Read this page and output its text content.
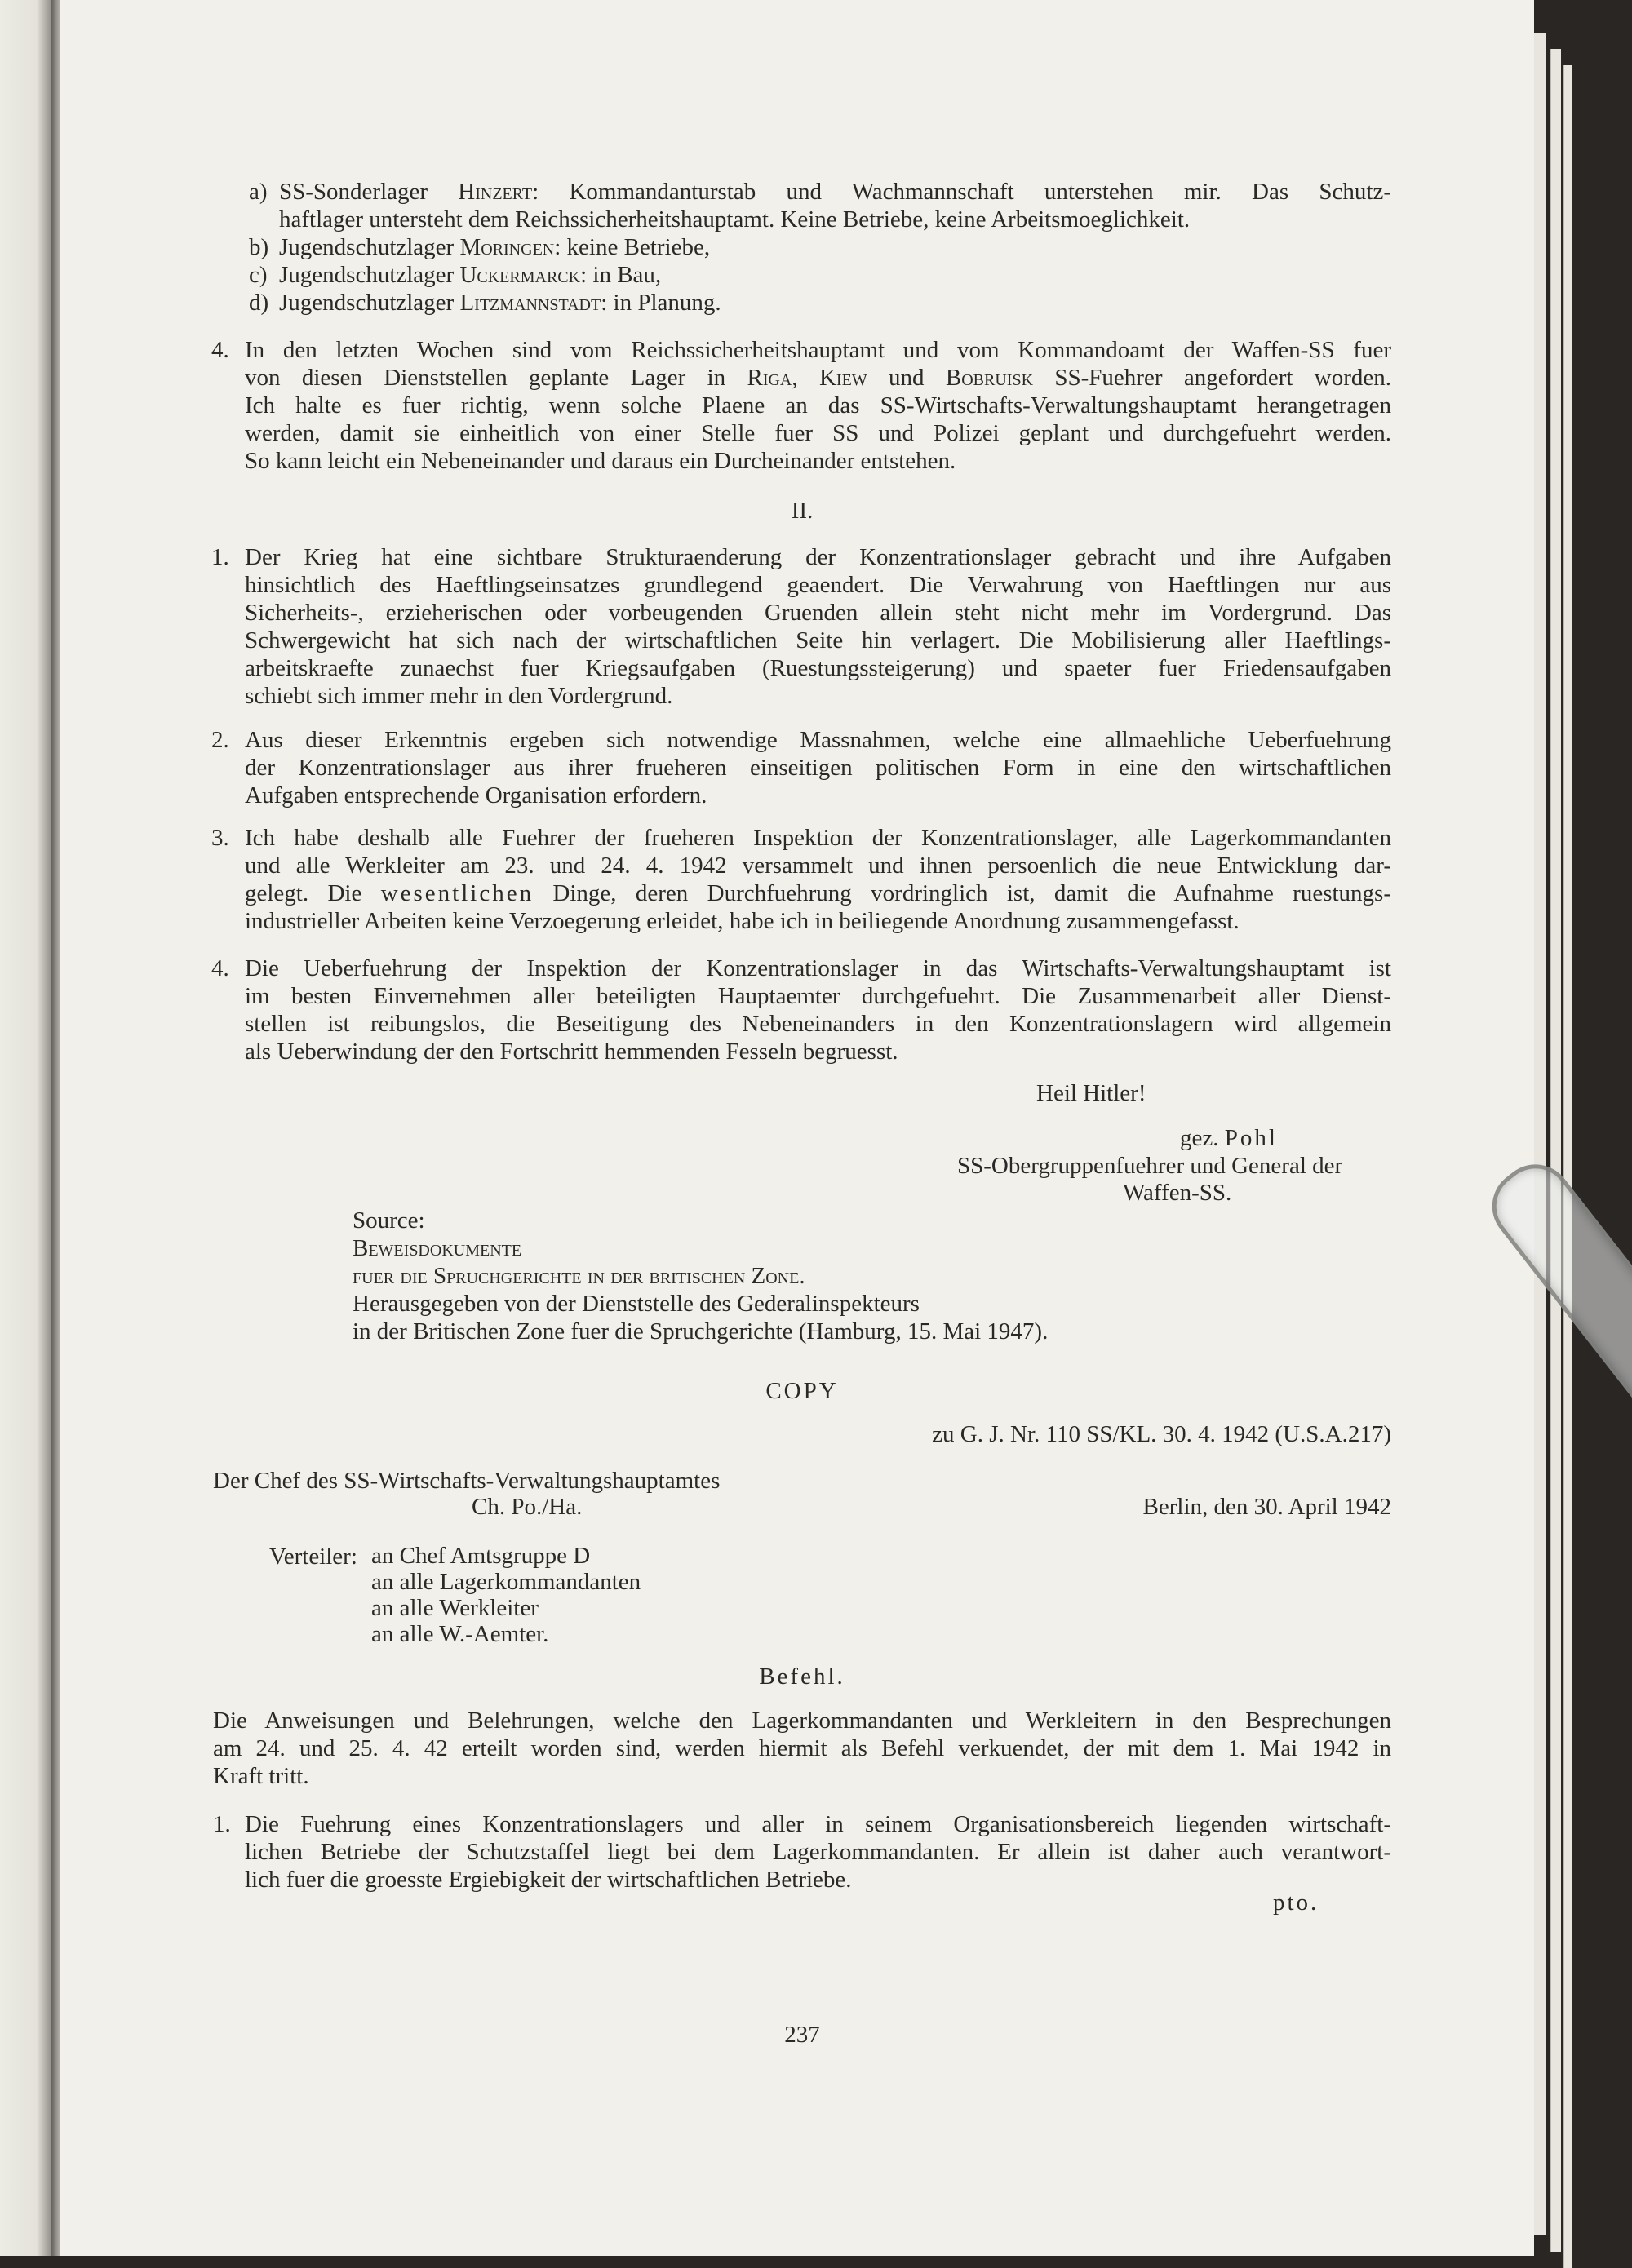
a) SS-Sonderlager Hinzert: Kommandanturstab und Wachmannschaft unterstehen mir. Das Schutz-
haftlager untersteht dem Reichssicherheitshauptamt. Keine Betriebe, keine Arbeitsmoeglichkeit.
b) Jugendschutzlager Moringen: keine Betriebe,
c) Jugendschutzlager Uckermarck: in Bau,
d) Jugendschutzlager Litzmannstadt: in Planung.
4. In den letzten Wochen sind vom Reichssicherheitshauptamt und vom Kommandoamt der Waffen-SS fuer
von diesen Dienststellen geplante Lager in Riga, Kiew und Bobruisk SS-Fuehrer angefordert worden.
Ich halte es fuer richtig, wenn solche Plaene an das SS-Wirtschafts-Verwaltungshauptamt herangetragen
werden, damit sie einheitlich von einer Stelle fuer SS und Polizei geplant und durchgefuehrt werden.
So kann leicht ein Nebeneinander und daraus ein Durcheinander entstehen.
II.
1. Der Krieg hat eine sichtbare Strukturaenderung der Konzentrationslager gebracht und ihre Aufgaben
hinsichtlich des Haeftlingseinsatzes grundlegend geaendert. Die Verwahrung von Haeftlingen nur aus
Sicherheits-, erzieherischen oder vorbeugenden Gruenden allein steht nicht mehr im Vordergrund. Das
Schwergewicht hat sich nach der wirtschaftlichen Seite hin verlagert. Die Mobilisierung aller Haeftlings-
arbeitskraefte zunaechst fuer Kriegsaufgaben (Ruestungssteigerung) und spaeter fuer Friedensaufgaben
schiebt sich immer mehr in den Vordergrund.
2. Aus dieser Erkenntnis ergeben sich notwendige Massnahmen, welche eine allmaehliche Ueberfuehrung
der Konzentrationslager aus ihrer frueheren einseitigen politischen Form in eine den wirtschaftlichen
Aufgaben entsprechende Organisation erfordern.
3. Ich habe deshalb alle Fuehrer der frueheren Inspektion der Konzentrationslager, alle Lagerkommandanten
und alle Werkleiter am 23. und 24. 4. 1942 versammelt und ihnen persoenlich die neue Entwicklung dar-
gelegt. Die wesentlichen Dinge, deren Durchfuehrung vordringlich ist, damit die Aufnahme ruestungs-
industrieller Arbeiten keine Verzoegerung erleidet, habe ich in beiliegende Anordnung zusammengefasst.
4. Die Ueberfuehrung der Inspektion der Konzentrationslager in das Wirtschafts-Verwaltungshauptamt ist
im besten Einvernehmen aller beteiligten Hauptaemter durchgefuehrt. Die Zusammenarbeit aller Dienst-
stellen ist reibungslos, die Beseitigung des Nebeneinanders in den Konzentrationslagern wird allgemein
als Ueberwindung der den Fortschritt hemmenden Fesseln begruesst.
Heil Hitler!
gez. Pohl
SS-Obergruppenfuehrer und General der
Waffen-SS.
Source:
Beweisdokumente
fuer die Spruchgerichte in der britischen Zone.
Herausgegeben von der Dienststelle des Gederalinspekteurs
in der Britischen Zone fuer die Spruchgerichte (Hamburg, 15. Mai 1947).
COPY
zu G. J. Nr. 110 SS/KL. 30. 4. 1942 (U.S.A.217)
Der Chef des SS-Wirtschafts-Verwaltungshauptamtes
Ch. Po./Ha.	Berlin, den 30. April 1942
Verteiler: an Chef Amtsgruppe D
an alle Lagerkommandanten
an alle Werkleiter
an alle W.-Aemter.
Befehl.
Die Anweisungen und Belehrungen, welche den Lagerkommandanten und Werkleitern in den Besprechungen
am 24. und 25. 4. 42 erteilt worden sind, werden hiermit als Befehl verkuendet, der mit dem 1. Mai 1942 in
Kraft tritt.
1. Die Fuehrung eines Konzentrationslagers und aller in seinem Organisationsbereich liegenden wirtschaft-
lichen Betriebe der Schutzstaffel liegt bei dem Lagerkommandanten. Er allein ist daher auch verantwort-
lich fuer die groesste Ergiebigkeit der wirtschaftlichen Betriebe.
pto.
237
